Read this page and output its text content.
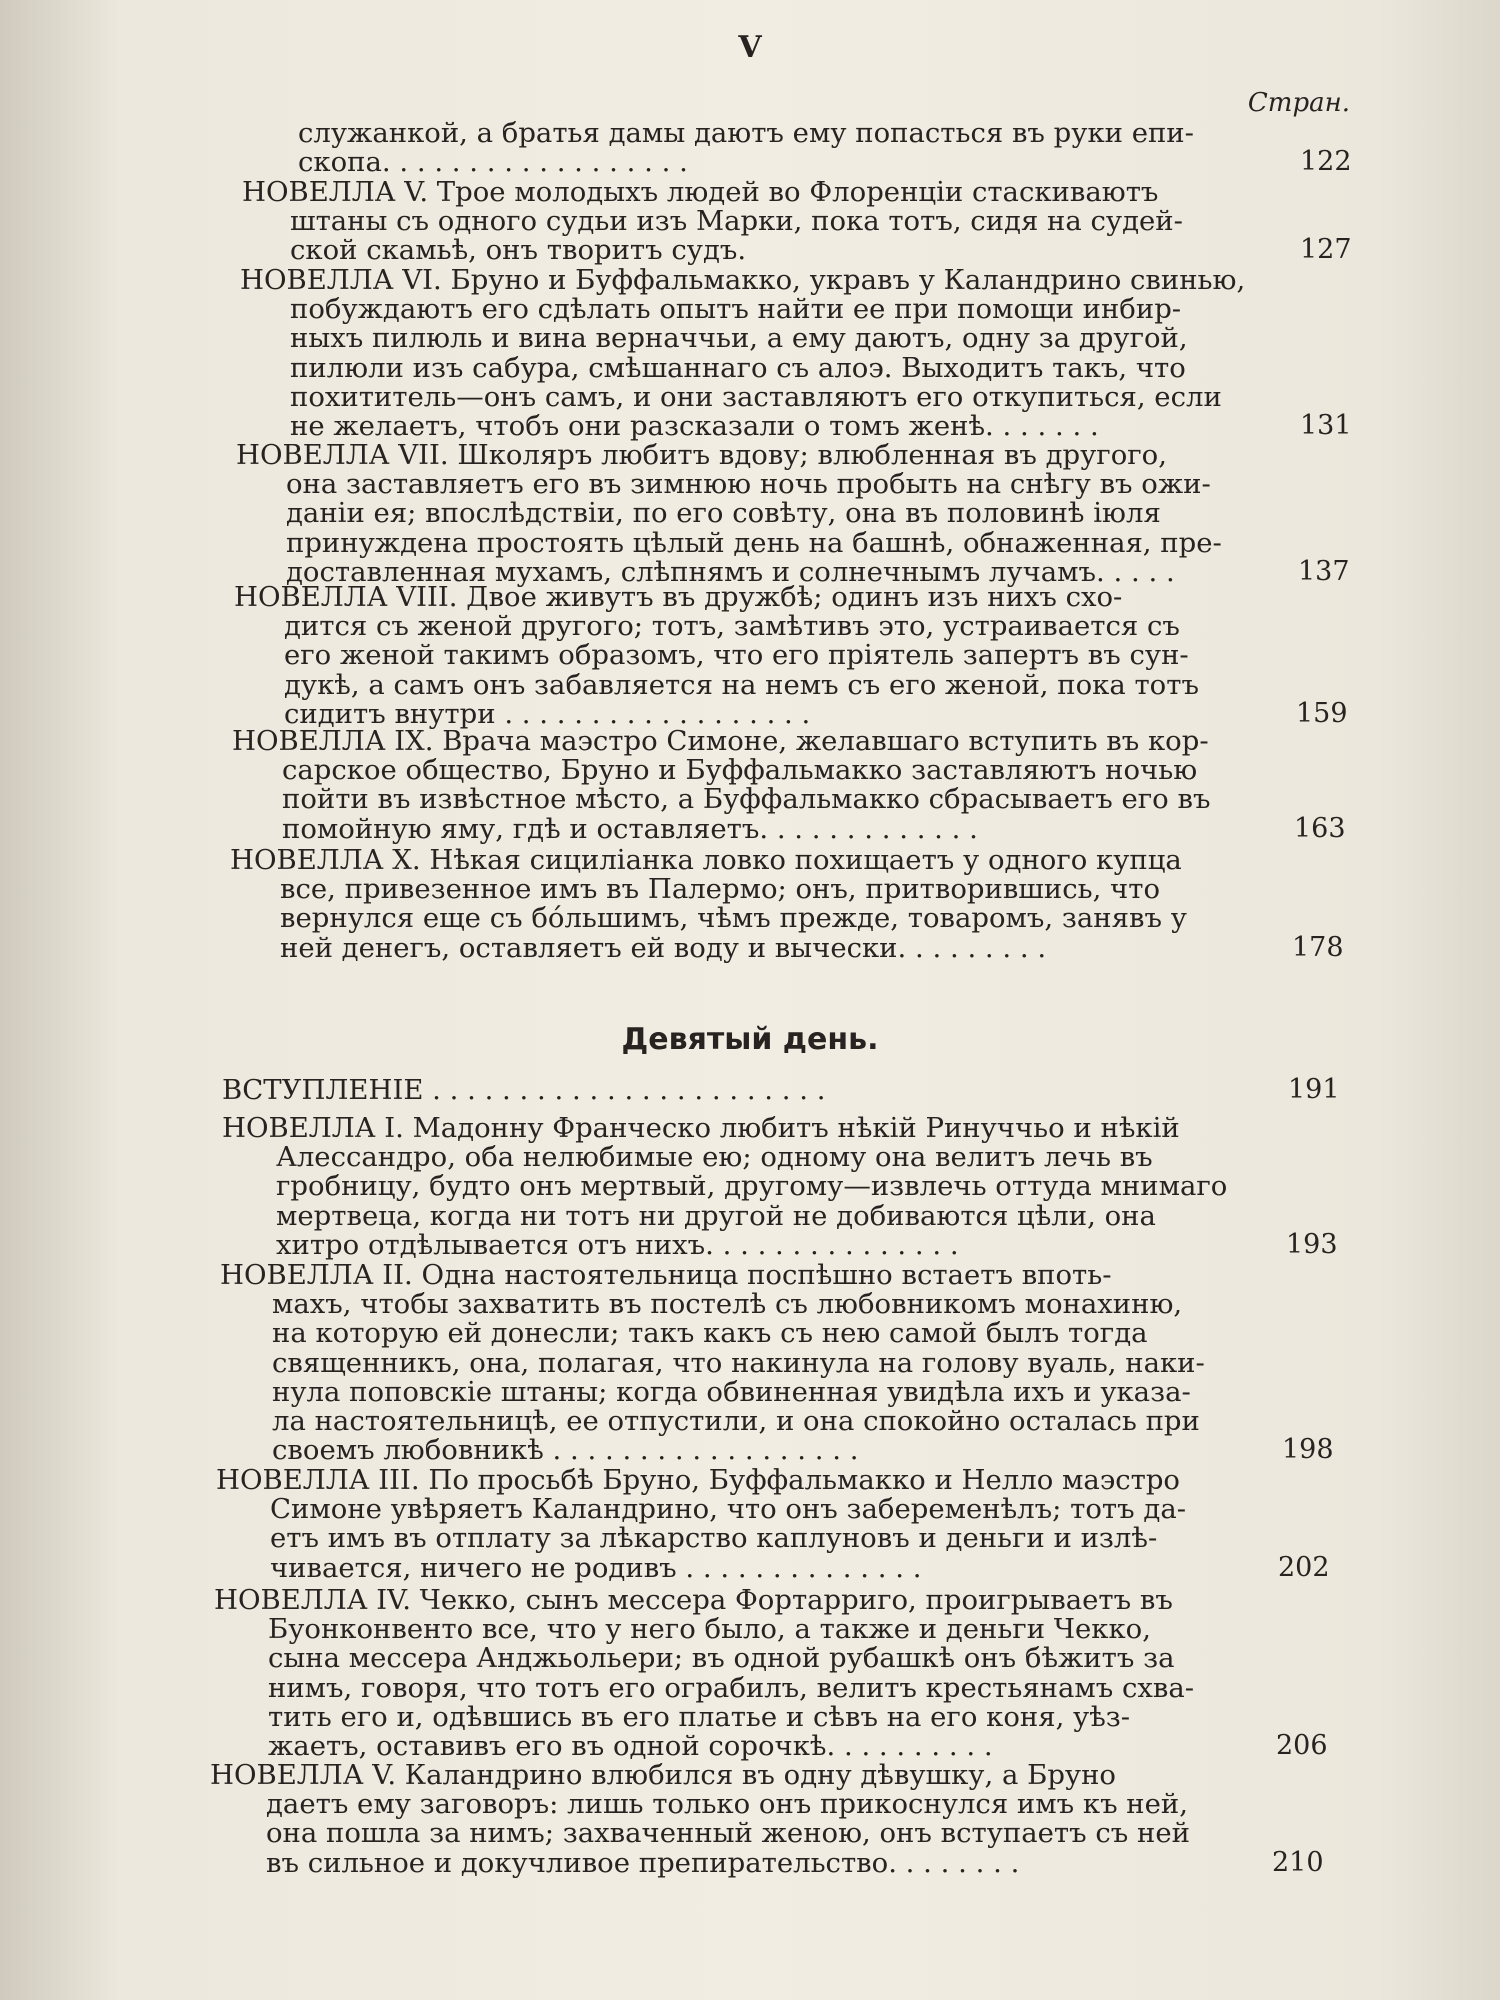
V
Стран.
Девятый день.
служанкой, а братья дамы даютъ ему попасться въ руки епи-
скопа. . . . . . . . . . . . . . . . . .	122
НОВЕЛЛА V. Трое молодыхъ людей во Флоренціи стаскиваютъ
штаны съ одного судьи изъ Марки, пока тотъ, сидя на судей-
ской скамьѣ, онъ творитъ судъ.	127
НОВЕЛЛА VI. Бруно и Буффальмакко, укравъ у Каландрино свинью,
побуждаютъ его сдѣлать опытъ найти ее при помощи инбир-
ныхъ пилюль и вина верначчьи, а ему даютъ, одну за другой,
пилюли изъ сабура, смѣшаннаго съ алоэ. Выходитъ такъ, что
похититель—онъ самъ, и они заставляютъ его откупиться, если
не желаетъ, чтобъ они разсказали о томъ женѣ. . . . . . .	131
НОВЕЛЛА VII. Школяръ любитъ вдову; влюбленная въ другого,
она заставляетъ его въ зимнюю ночь пробыть на снѣгу въ ожи-
даніи ея; впослѣдствіи, по его совѣту, она въ половинѣ іюля
принуждена простоять цѣлый день на башнѣ, обнаженная, пре-
доставленная мухамъ, слѣпнямъ и солнечнымъ лучамъ. . . . .	137
НОВЕЛЛА VIII. Двое живутъ въ дружбѣ; одинъ изъ нихъ схо-
дится съ женой другого; тотъ, замѣтивъ это, устраивается съ
его женой такимъ образомъ, что его пріятель запертъ въ сун-
дукѣ, а самъ онъ забавляется на немъ съ его женой, пока тотъ
сидитъ внутри . . . . . . . . . . . . . . . . . .	159
НОВЕЛЛА IX. Врача маэстро Симоне, желавшаго вступить въ кор-
сарское общество, Бруно и Буффальмакко заставляютъ ночью
пойти въ извѣстное мѣсто, а Буффальмакко сбрасываетъ его въ
помойную яму, гдѣ и оставляетъ. . . . . . . . . . . . .	163
НОВЕЛЛА X. Нѣкая сицилiанка ловко похищаетъ у одного купца
все, привезенное имъ въ Палермо; онъ, притворившись, что
вернулся еще съ бóльшимъ, чѣмъ прежде, товаромъ, занявъ у
ней денегъ, оставляетъ ей воду и вычески. . . . . . . . .	178
ВСТУПЛЕНІЕ . . . . . . . . . . . . . . . . . . . . . . .	191
НОВЕЛЛА I. Мадонну Франческо любитъ нѣкій Ринуччьо и нѣкій
Алессандро, оба нелюбимые ею; одному она велитъ лечь въ
гробницу, будто онъ мертвый, другому—извлечь оттуда мнимаго
мертвеца, когда ни тотъ ни другой не добиваются цѣли, она
хитро отдѣлывается отъ нихъ. . . . . . . . . . . . . . .	193
НОВЕЛЛА II. Одна настоятельница поспѣшно встаетъ впоть-
махъ, чтобы захватить въ постелѣ съ любовникомъ монахиню,
на которую ей донесли; такъ какъ съ нею самой былъ тогда
священникъ, она, полагая, что накинула на голову вуаль, наки-
нула поповскіе штаны; когда обвиненная увидѣла ихъ и указа-
ла настоятельницѣ, ее отпустили, и она спокойно осталась при
своемъ любовникѣ . . . . . . . . . . . . . . . . . .	198
НОВЕЛЛА III. По просьбѣ Бруно, Буффальмакко и Нелло маэстро
Симоне увѣряетъ Каландрино, что онъ забеременѣлъ; тотъ да-
етъ имъ въ отплату за лѣкарство каплуновъ и деньги и излѣ-
чивается, ничего не родивъ . . . . . . . . . . . . . .	202
НОВЕЛЛА IV. Чекко, сынъ мессера Фортарриго, проигрываетъ въ
Буонконвенто все, что у него было, а также и деньги Чекко,
сына мессера Анджьольери; въ одной рубашкѣ онъ бѣжитъ за
нимъ, говоря, что тотъ его ограбилъ, велитъ крестьянамъ схва-
тить его и, одѣвшись въ его платье и сѣвъ на его коня, уѣз-
жаетъ, оставивъ его въ одной сорочкѣ. . . . . . . . . .	206
НОВЕЛЛА V. Каландрино влюбился въ одну дѣвушку, а Бруно
даетъ ему заговоръ: лишь только онъ прикоснулся имъ къ ней,
она пошла за нимъ; захваченный женою, онъ вступаетъ съ ней
въ сильное и докучливое препирательство. . . . . . . .	210
